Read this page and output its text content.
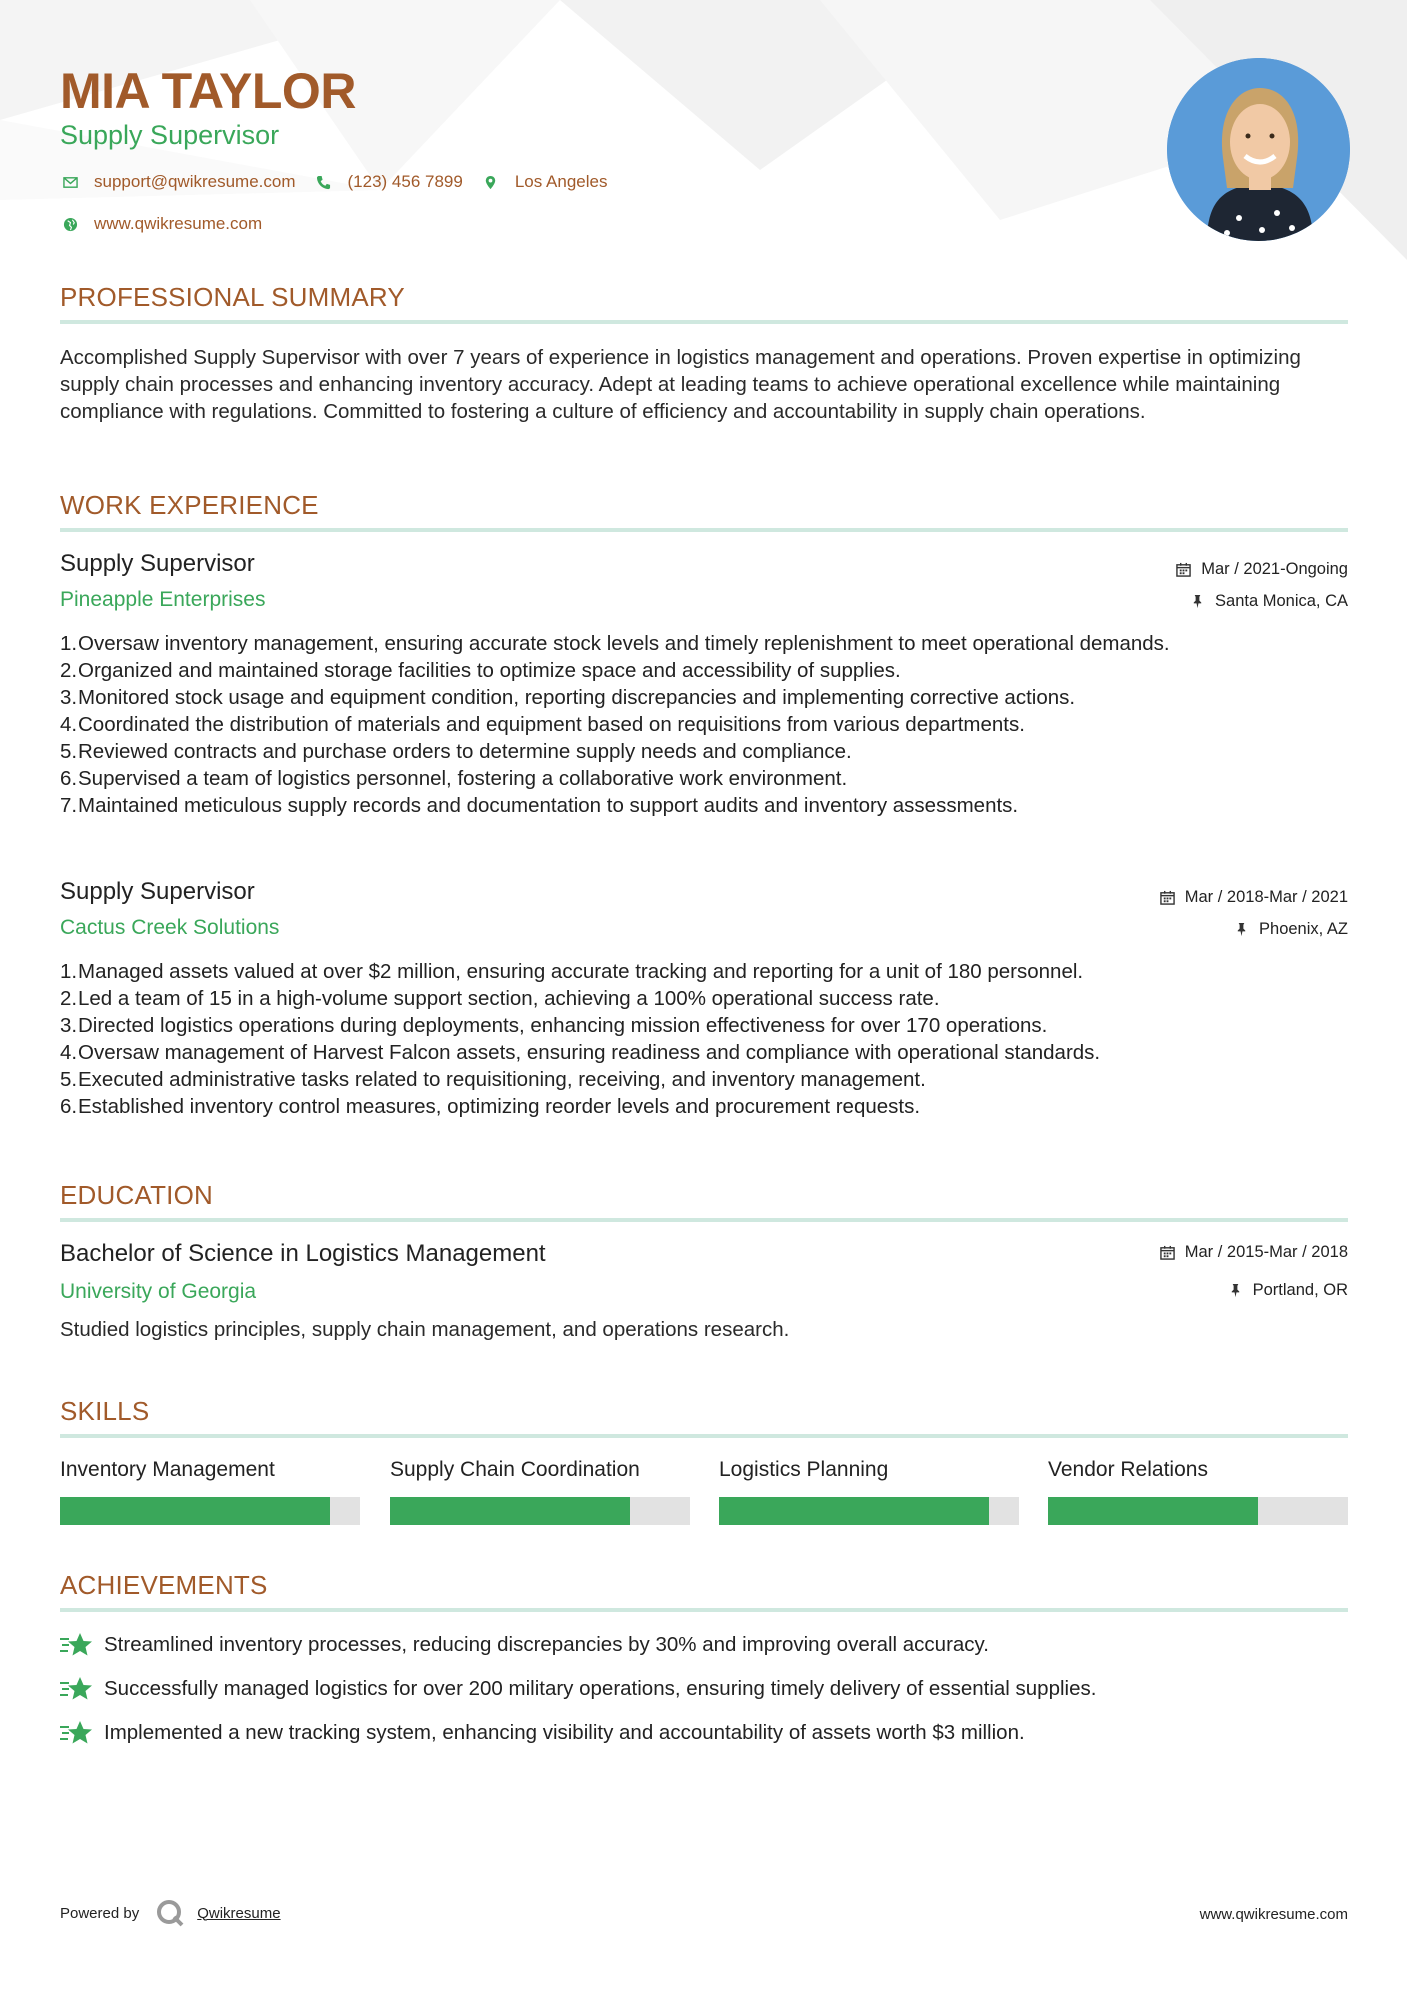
MIA TAYLOR
Supply Supervisor
support@qwikresume.com	(123) 456 7899	Los Angeles
www.qwikresume.com
PROFESSIONAL SUMMARY
Accomplished Supply Supervisor with over 7 years of experience in logistics management and operations. Proven expertise in optimizing supply chain processes and enhancing inventory accuracy. Adept at leading teams to achieve operational excellence while maintaining compliance with regulations. Committed to fostering a culture of efficiency and accountability in supply chain operations.
WORK EXPERIENCE
Supply Supervisor	Mar / 2021-Ongoing
Pineapple Enterprises	Santa Monica, CA
1. Oversaw inventory management, ensuring accurate stock levels and timely replenishment to meet operational demands.
2. Organized and maintained storage facilities to optimize space and accessibility of supplies.
3. Monitored stock usage and equipment condition, reporting discrepancies and implementing corrective actions.
4. Coordinated the distribution of materials and equipment based on requisitions from various departments.
5. Reviewed contracts and purchase orders to determine supply needs and compliance.
6. Supervised a team of logistics personnel, fostering a collaborative work environment.
7. Maintained meticulous supply records and documentation to support audits and inventory assessments.
Supply Supervisor	Mar / 2018-Mar / 2021
Cactus Creek Solutions	Phoenix, AZ
1. Managed assets valued at over $2 million, ensuring accurate tracking and reporting for a unit of 180 personnel.
2. Led a team of 15 in a high-volume support section, achieving a 100% operational success rate.
3. Directed logistics operations during deployments, enhancing mission effectiveness for over 170 operations.
4. Oversaw management of Harvest Falcon assets, ensuring readiness and compliance with operational standards.
5. Executed administrative tasks related to requisitioning, receiving, and inventory management.
6. Established inventory control measures, optimizing reorder levels and procurement requests.
EDUCATION
Bachelor of Science in Logistics Management	Mar / 2015-Mar / 2018
University of Georgia	Portland, OR
Studied logistics principles, supply chain management, and operations research.
SKILLS
Inventory Management	Supply Chain Coordination	Logistics Planning	Vendor Relations
ACHIEVEMENTS
Streamlined inventory processes, reducing discrepancies by 30% and improving overall accuracy.
Successfully managed logistics for over 200 military operations, ensuring timely delivery of essential supplies.
Implemented a new tracking system, enhancing visibility and accountability of assets worth $3 million.
Powered by	Qwikresume	www.qwikresume.com
